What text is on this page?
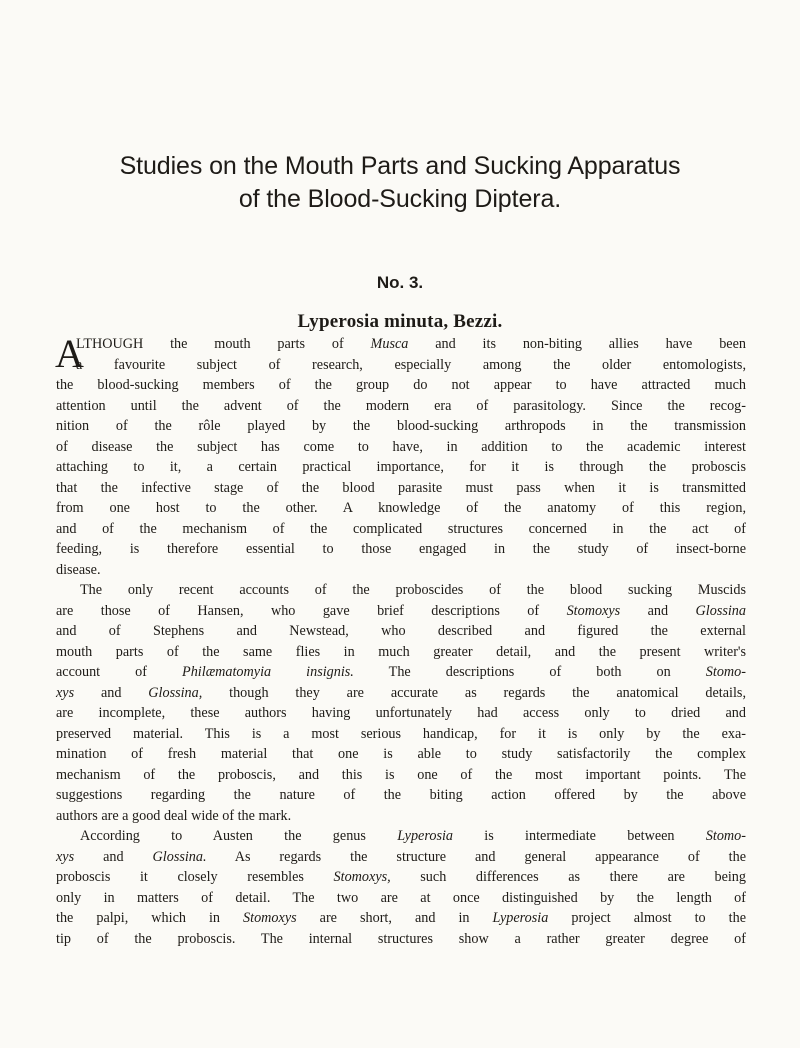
Studies on the Mouth Parts and Sucking Apparatus
of the Blood-Sucking Diptera.
No. 3.
Lyperosia minuta, Bezzi.
A
LTHOUGH the mouth parts of Musca and its non-biting allies have been
a favourite subject of research, especially among the older entomologists,
the blood-sucking members of the group do not appear to have attracted much
attention until the advent of the modern era of parasitology. Since the recog-
nition of the rôle played by the blood-sucking arthropods in the transmission
of disease the subject has come to have, in addition to the academic interest
attaching to it, a certain practical importance, for it is through the proboscis
that the infective stage of the blood parasite must pass when it is transmitted
from one host to the other. A knowledge of the anatomy of this region,
and of the mechanism of the complicated structures concerned in the act of
feeding, is therefore essential to those engaged in the study of insect-borne
disease.
The only recent accounts of the proboscides of the blood sucking Muscids
are those of Hansen, who gave brief descriptions of Stomoxys and Glossina
and of Stephens and Newstead, who described and figured the external
mouth parts of the same flies in much greater detail, and the present writer's
account of Philæmatomyia insignis. The descriptions of both on Stomo-
xys and Glossina, though they are accurate as regards the anatomical details,
are incomplete, these authors having unfortunately had access only to dried and
preserved material. This is a most serious handicap, for it is only by the exa-
mination of fresh material that one is able to study satisfactorily the complex
mechanism of the proboscis, and this is one of the most important points. The
suggestions regarding the nature of the biting action offered by the above
authors are a good deal wide of the mark.
According to Austen the genus Lyperosia is intermediate between Stomo-
xys and Glossina. As regards the structure and general appearance of the
proboscis it closely resembles Stomoxys, such differences as there are being
only in matters of detail. The two are at once distinguished by the length of
the palpi, which in Stomoxys are short, and in Lyperosia project almost to the
tip of the proboscis. The internal structures show a rather greater degree of
